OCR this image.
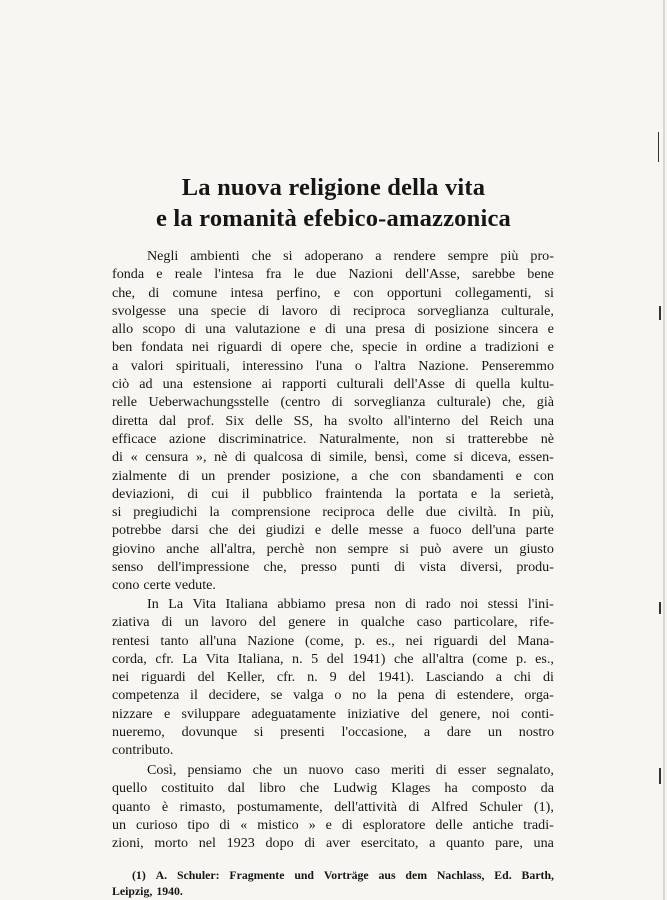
La nuova religione della vita
e la romanità efebico-amazzonica
Negli ambienti che si adoperano a rendere sempre più pro-
fonda e reale l'intesa fra le due Nazioni dell'Asse, sarebbe bene
che, di comune intesa perfino, e con opportuni collegamenti, si
svolgesse una specie di lavoro di reciproca sorveglianza culturale,
allo scopo di una valutazione e di una presa di posizione sincera e
ben fondata nei riguardi di opere che, specie in ordine a tradizioni e
a valori spirituali, interessino l'una o l'altra Nazione. Penseremmo
ciò ad una estensione ai rapporti culturali dell'Asse di quella kultu-
relle Ueberwachungsstelle (centro di sorveglianza culturale) che, già
diretta dal prof. Six delle SS, ha svolto all'interno del Reich una
efficace azione discriminatrice. Naturalmente, non si tratterebbe nè
di « censura », nè di qualcosa di simile, bensì, come si diceva, essen-
zialmente di un prender posizione, a che con sbandamenti e con
deviazioni, di cui il pubblico fraintenda la portata e la serietà,
si pregiudichi la comprensione reciproca delle due civiltà. In più,
potrebbe darsi che dei giudizi e delle messe a fuoco dell'una parte
giovino anche all'altra, perchè non sempre si può avere un giusto
senso dell'impressione che, presso punti di vista diversi, produ-
cono certe vedute.
In La Vita Italiana abbiamo presa non di rado noi stessi l'ini-
ziativa di un lavoro del genere in qualche caso particolare, rife-
rentesi tanto all'una Nazione (come, p. es., nei riguardi del Mana-
corda, cfr. La Vita Italiana, n. 5 del 1941) che all'altra (come p. es.,
nei riguardi del Keller, cfr. n. 9 del 1941). Lasciando a chi di
competenza il decidere, se valga o no la pena di estendere, orga-
nizzare e sviluppare adeguatamente iniziative del genere, noi conti-
nueremo, dovunque si presenti l'occasione, a dare un nostro
contributo.
Così, pensiamo che un nuovo caso meriti di esser segnalato,
quello costituito dal libro che Ludwig Klages ha composto da
quanto è rimasto, postumamente, dell'attività di Alfred Schuler (1),
un curioso tipo di « mistico » e di esploratore delle antiche tradi-
zioni, morto nel 1923 dopo di aver esercitato, a quanto pare, una
(1) A. Schuler: Fragmente und Vorträge aus dem Nachlass, Ed. Barth,
Leipzig, 1940.
